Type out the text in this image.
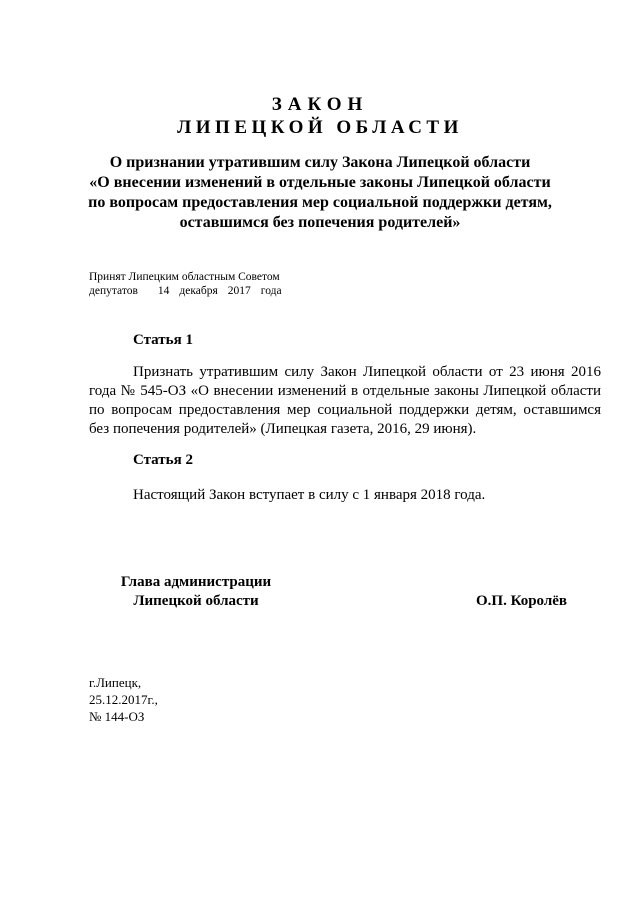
ЗАКОН
ЛИПЕЦКОЙ ОБЛАСТИ
О признании утратившим силу Закона Липецкой области
«О внесении изменений в отдельные законы Липецкой области
по вопросам предоставления мер социальной поддержки детям,
оставшимся без попечения родителей»
Принят Липецким областным Советом
депутатов 14 декабря 2017 года
Статья 1
Признать утратившим силу Закон Липецкой области от 23 июня 2016
года № 545-ОЗ «О внесении изменений в отдельные законы Липецкой области
по вопросам предоставления мер социальной поддержки детям, оставшимся
без попечения родителей» (Липецкая газета, 2016, 29 июня).
Статья 2
Настоящий Закон вступает в силу с 1 января 2018 года.
Глава администрации
Липецкой области	О.П. Королёв
г.Липецк,
25.12.2017г.,
№ 144-ОЗ
